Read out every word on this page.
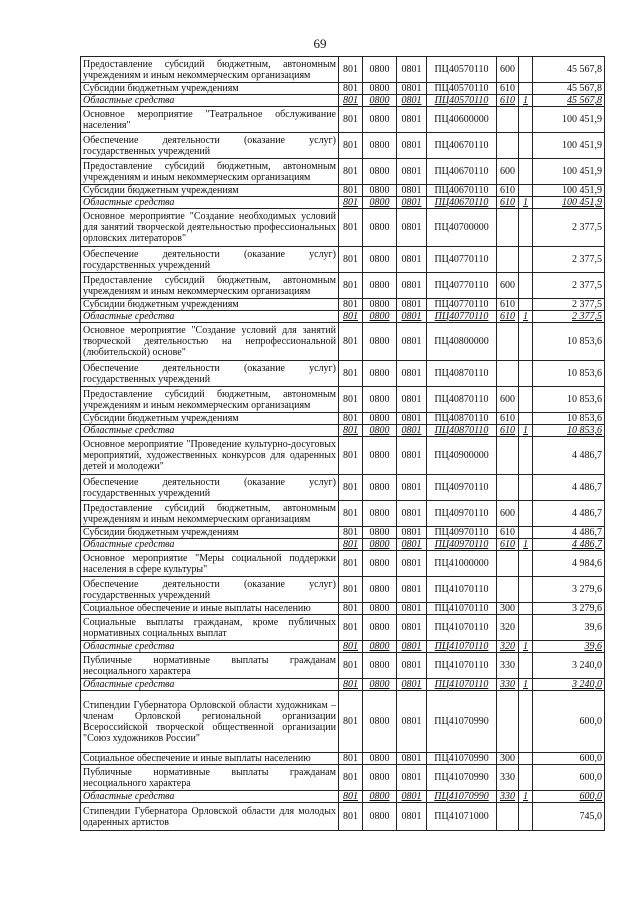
69
Предоставление субсидий бюджетным, автономным учреждениям и иным некоммерческим организациям	801	0800	0801	ПЦ40570110	600		45 567,8
Субсидии бюджетным учреждениям	801	0800	0801	ПЦ40570110	610		45 567,8
Областные средства	801	0800	0801	ПЦ40570110	610	1	45 567,8
Основное мероприятие "Театральное обслуживание населения"	801	0800	0801	ПЦ40600000			100 451,9
Обеспечение деятельности (оказание услуг) государственных учреждений	801	0800	0801	ПЦ40670110			100 451,9
Предоставление субсидий бюджетным, автономным учреждениям и иным некоммерческим организациям	801	0800	0801	ПЦ40670110	600		100 451,9
Субсидии бюджетным учреждениям	801	0800	0801	ПЦ40670110	610		100 451,9
Областные средства	801	0800	0801	ПЦ40670110	610	1	100 451,9
Основное мероприятие "Создание необходимых условий для занятий творческой деятельностью профессиональных орловских литераторов"	801	0800	0801	ПЦ40700000			2 377,5
Обеспечение деятельности (оказание услуг) государственных учреждений	801	0800	0801	ПЦ40770110			2 377,5
Предоставление субсидий бюджетным, автономным учреждениям и иным некоммерческим организациям	801	0800	0801	ПЦ40770110	600		2 377,5
Субсидии бюджетным учреждениям	801	0800	0801	ПЦ40770110	610		2 377,5
Областные средства	801	0800	0801	ПЦ40770110	610	1	2 377,5
Основное мероприятие "Создание условий для занятий творческой деятельностью на непрофессиональной (любительской) основе"	801	0800	0801	ПЦ40800000			10 853,6
Обеспечение деятельности (оказание услуг) государственных учреждений	801	0800	0801	ПЦ40870110			10 853,6
Предоставление субсидий бюджетным, автономным учреждениям и иным некоммерческим организациям	801	0800	0801	ПЦ40870110	600		10 853,6
Субсидии бюджетным учреждениям	801	0800	0801	ПЦ40870110	610		10 853,6
Областные средства	801	0800	0801	ПЦ40870110	610	1	10 853,6
Основное мероприятие "Проведение культурно-досуговых мероприятий, художественных конкурсов для одаренных детей и молодежи"	801	0800	0801	ПЦ40900000			4 486,7
Обеспечение деятельности (оказание услуг) государственных учреждений	801	0800	0801	ПЦ40970110			4 486,7
Предоставление субсидий бюджетным, автономным учреждениям и иным некоммерческим организациям	801	0800	0801	ПЦ40970110	600		4 486,7
Субсидии бюджетным учреждениям	801	0800	0801	ПЦ40970110	610		4 486,7
Областные средства	801	0800	0801	ПЦ40970110	610	1	4 486,7
Основное мероприятие "Меры социальной поддержки населения в сфере культуры"	801	0800	0801	ПЦ41000000			4 984,6
Обеспечение деятельности (оказание услуг) государственных учреждений	801	0800	0801	ПЦ41070110			3 279,6
Социальное обеспечение и иные выплаты населению	801	0800	0801	ПЦ41070110	300		3 279,6
Социальные выплаты гражданам, кроме публичных нормативных социальных выплат	801	0800	0801	ПЦ41070110	320		39,6
Областные средства	801	0800	0801	ПЦ41070110	320	1	39,6
Публичные нормативные выплаты гражданам несоциального характера	801	0800	0801	ПЦ41070110	330		3 240,0
Областные средства	801	0800	0801	ПЦ41070110	330	1	3 240,0
Стипендии Губернатора Орловской области художникам – членам Орловской региональной организации Всероссийской творческой общественной организации "Союз художников России"	801	0800	0801	ПЦ41070990			600,0
Социальное обеспечение и иные выплаты населению	801	0800	0801	ПЦ41070990	300		600,0
Публичные нормативные выплаты гражданам несоциального характера	801	0800	0801	ПЦ41070990	330		600,0
Областные средства	801	0800	0801	ПЦ41070990	330	1	600,0
Стипендии Губернатора Орловской области для молодых одаренных артистов	801	0800	0801	ПЦ41071000			745,0
